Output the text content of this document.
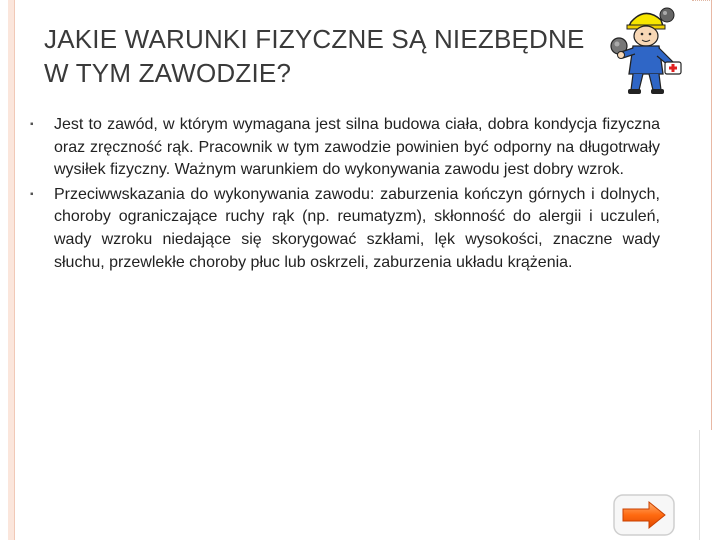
JAKIE WARUNKI FIZYCZNE SĄ NIEZBĘDNE
W TYM ZAWODZIE?
▪ Jest to zawód, w którym wymagana jest silna budowa ciała, dobra kondycja fizyczna oraz zręczność rąk. Pracownik w tym zawodzie powinien być odporny na długotrwały wysiłek fizyczny. Ważnym warunkiem do wykonywania zawodu jest dobry wzrok.
▪ Przeciwwskazania do wykonywania zawodu: zaburzenia kończyn górnych i dolnych, choroby ograniczające ruchy rąk (np. reumatyzm), skłonność do alergii i uczuleń, wady wzroku niedające się skorygować szkłami, lęk wysokości, znaczne wady słuchu, przewlekłe choroby płuc lub oskrzeli, zaburzenia układu krążenia.
